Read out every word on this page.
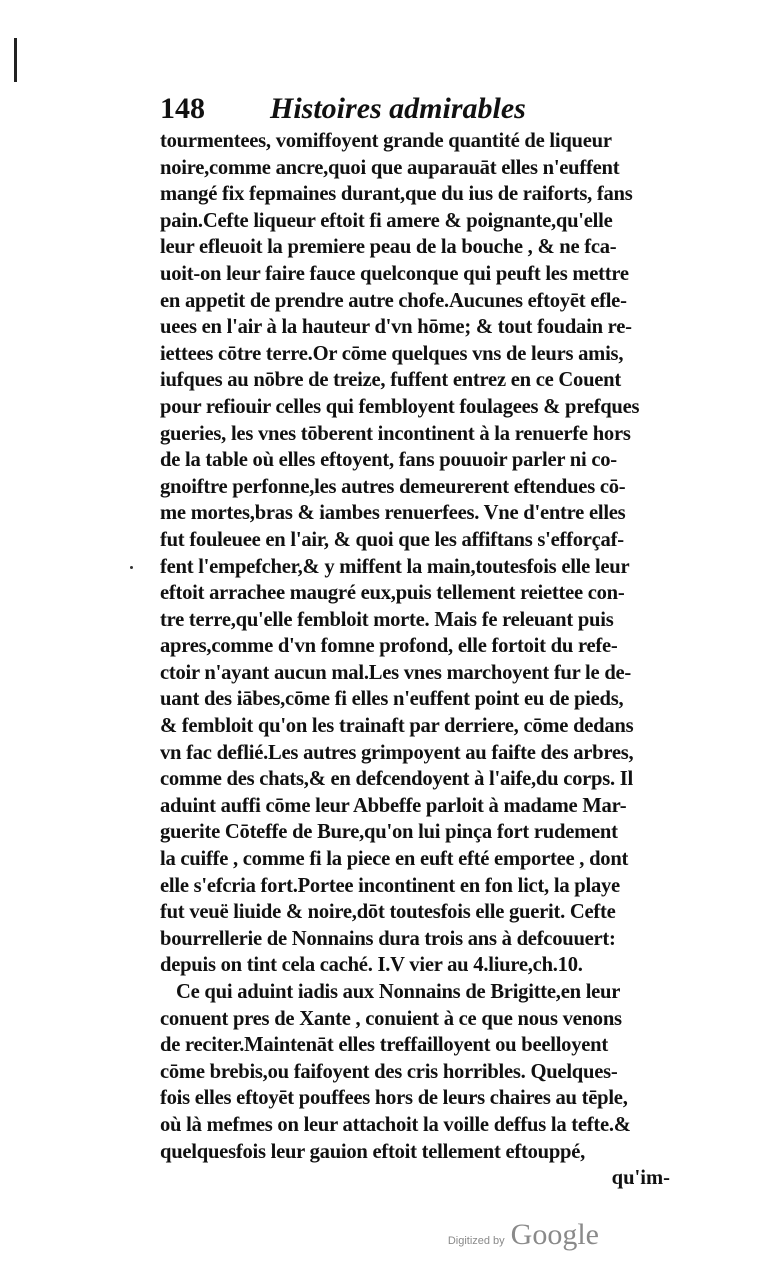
148	Histoires admirables
tourmentees, vomiffoyent grande quantité de liqueur
noire,comme ancre,quoi que auparauāt elles n'euffent
mangé fix fepmaines durant,que du ius de raiforts, fans
pain.Cefte liqueur eftoit fi amere & poignante,qu'elle
leur efleuoit la premiere peau de la bouche , & ne fca-
uoit-on leur faire fauce quelconque qui peuft les mettre
en appetit de prendre autre chofe.Aucunes eftoyēt efle-
uees en l'air à la hauteur d'vn hōme; & tout foudain re-
iettees cōtre terre.Or cōme quelques vns de leurs amis,
iufques au nōbre de treize, fuffent entrez en ce Couent
pour refiouir celles qui fembloyent foulagees & prefques
gueries, les vnes tōberent incontinent à la renuerfe hors
de la table où elles eftoyent, fans pouuoir parler ni co-
gnoiftre perfonne,les autres demeurerent eftendues cō-
me mortes,bras & iambes renuerfees. Vne d'entre elles
fut fouleuee en l'air, & quoi que les affiftans s'efforçaf-
fent l'empefcher,& y miffent la main,toutesfois elle leur
eftoit arrachee maugré eux,puis tellement reiettee con-
tre terre,qu'elle fembloit morte. Mais fe releuant puis
apres,comme d'vn fomne profond, elle fortoit du refe-
ctoir n'ayant aucun mal.Les vnes marchoyent fur le de-
uant des iābes,cōme fi elles n'euffent point eu de pieds,
& fembloit qu'on les trainaft par derriere, cōme dedans
vn fac deflié.Les autres grimpoyent au faifte des arbres,
comme des chats,& en defcendoyent à l'aife,du corps. Il
aduint auffi cōme leur Abbeffe parloit à madame Mar-
guerite Cōteffe de Bure,qu'on lui pinça fort rudement
la cuiffe , comme fi la piece en euft efté emportee , dont
elle s'efcria fort.Portee incontinent en fon lict, la playe
fut veuë liuide & noire,dōt toutesfois elle guerit. Cefte
bourrellerie de Nonnains dura trois ans à defcouuert:
depuis on tint cela caché. I.V vier au 4.liure,ch.10.
Ce qui aduint iadis aux Nonnains de Brigitte,en leur
conuent pres de Xante , conuient à ce que nous venons
de reciter.Maintenāt elles treffailloyent ou beelloyent
cōme brebis,ou faifoyent des cris horribles. Quelques-
fois elles eftoyēt pouffees hors de leurs chaires au tēple,
où là mefmes on leur attachoit la voille deffus la tefte.&
quelquesfois leur gauion eftoit tellement eftouppé,
qu'im-
Digitized by Google
